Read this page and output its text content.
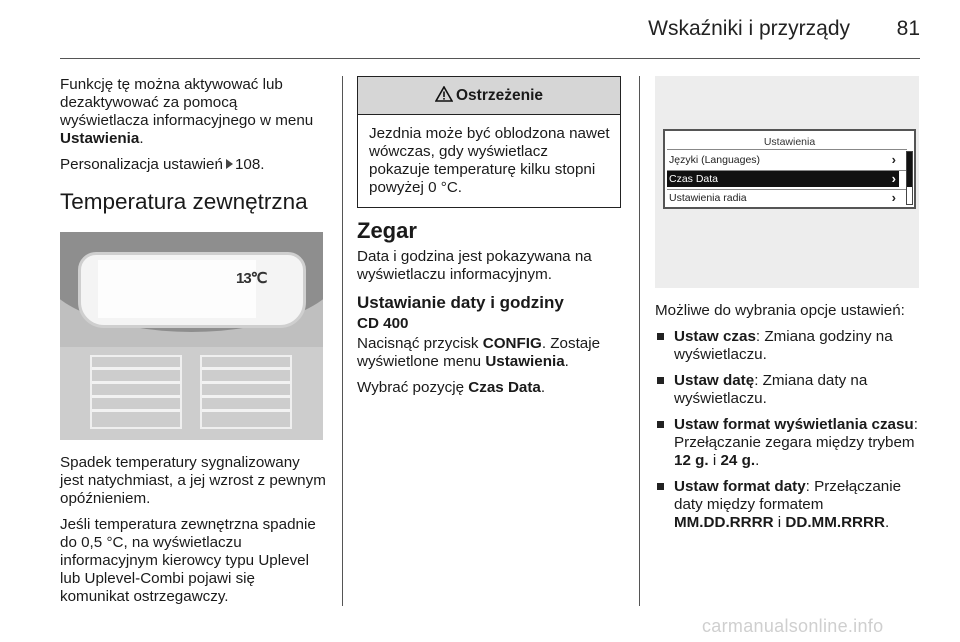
Wskaźniki i przyrządy	81

Funkcję tę można aktywować lub dezaktywować za pomocą wyświetlacza informacyjnego w menu Ustawienia.

Personalizacja ustawień 108.

Temperatura zewnętrzna
13℃

Spadek temperatury sygnalizowany jest natychmiast, a jej wzrost z pewnym opóźnieniem.

Jeśli temperatura zewnętrzna spadnie do 0,5 °C, na wyświetlaczu informacyjnym kierowcy typu Uplevel lub Uplevel-Combi pojawi się komunikat ostrzegawczy.

Ostrzeżenie
Jezdnia może być oblodzona nawet wówczas, gdy wyświetlacz pokazuje temperaturę kilku stopni powyżej 0 °C.
Zegar

Data i godzina jest pokazywana na wyświetlaczu informacyjnym.

Ustawianie daty i godziny
CD 400

Nacisnąć przycisk CONFIG. Zostaje wyświetlone menu Ustawienia.

Wybrać pozycję Czas Data.

Ustawienia
Języki (Languages)	›
Czas Data	›
Ustawienia radia	›

Możliwe do wybrania opcje ustawień:

Ustaw czas: Zmiana godziny na wyświetlaczu.
Ustaw datę: Zmiana daty na wyświetlaczu.
Ustaw format wyświetlania czasu: Przełączanie zegara między trybem 12 g. i 24 g..
Ustaw format daty: Przełączanie daty między formatem MM.DD.RRRR i DD.MM.RRRR.
carmanualsonline.info
